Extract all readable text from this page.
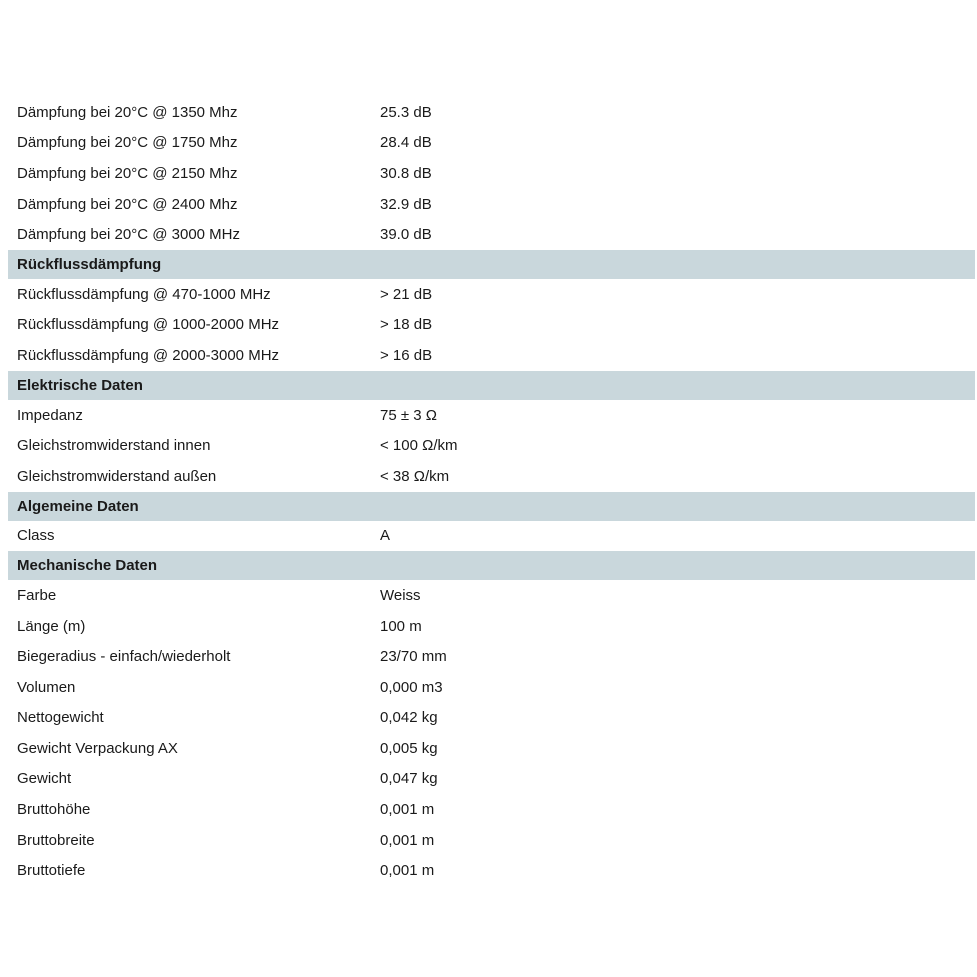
Dämpfung bei 20°C @ 1350 Mhz	25.3 dB
Dämpfung bei 20°C @ 1750 Mhz	28.4 dB
Dämpfung bei 20°C @ 2150 Mhz	30.8 dB
Dämpfung bei 20°C @ 2400 Mhz	32.9 dB
Dämpfung bei 20°C @ 3000 MHz	39.0 dB
Rückflussdämpfung
Rückflussdämpfung @ 470-1000 MHz	> 21 dB
Rückflussdämpfung @ 1000-2000 MHz	> 18 dB
Rückflussdämpfung @ 2000-3000 MHz	> 16 dB
Elektrische Daten
Impedanz	75 ± 3 Ω
Gleichstromwiderstand innen	< 100 Ω/km
Gleichstromwiderstand außen	< 38 Ω/km
Algemeine Daten
Class	A
Mechanische Daten
Farbe	Weiss
Länge (m)	100 m
Biegeradius - einfach/wiederholt	23/70 mm
Volumen	0,000 m3
Nettogewicht	0,042 kg
Gewicht Verpackung AX	0,005 kg
Gewicht	0,047 kg
Bruttohöhe	0,001 m
Bruttobreite	0,001 m
Bruttotiefe	0,001 m
